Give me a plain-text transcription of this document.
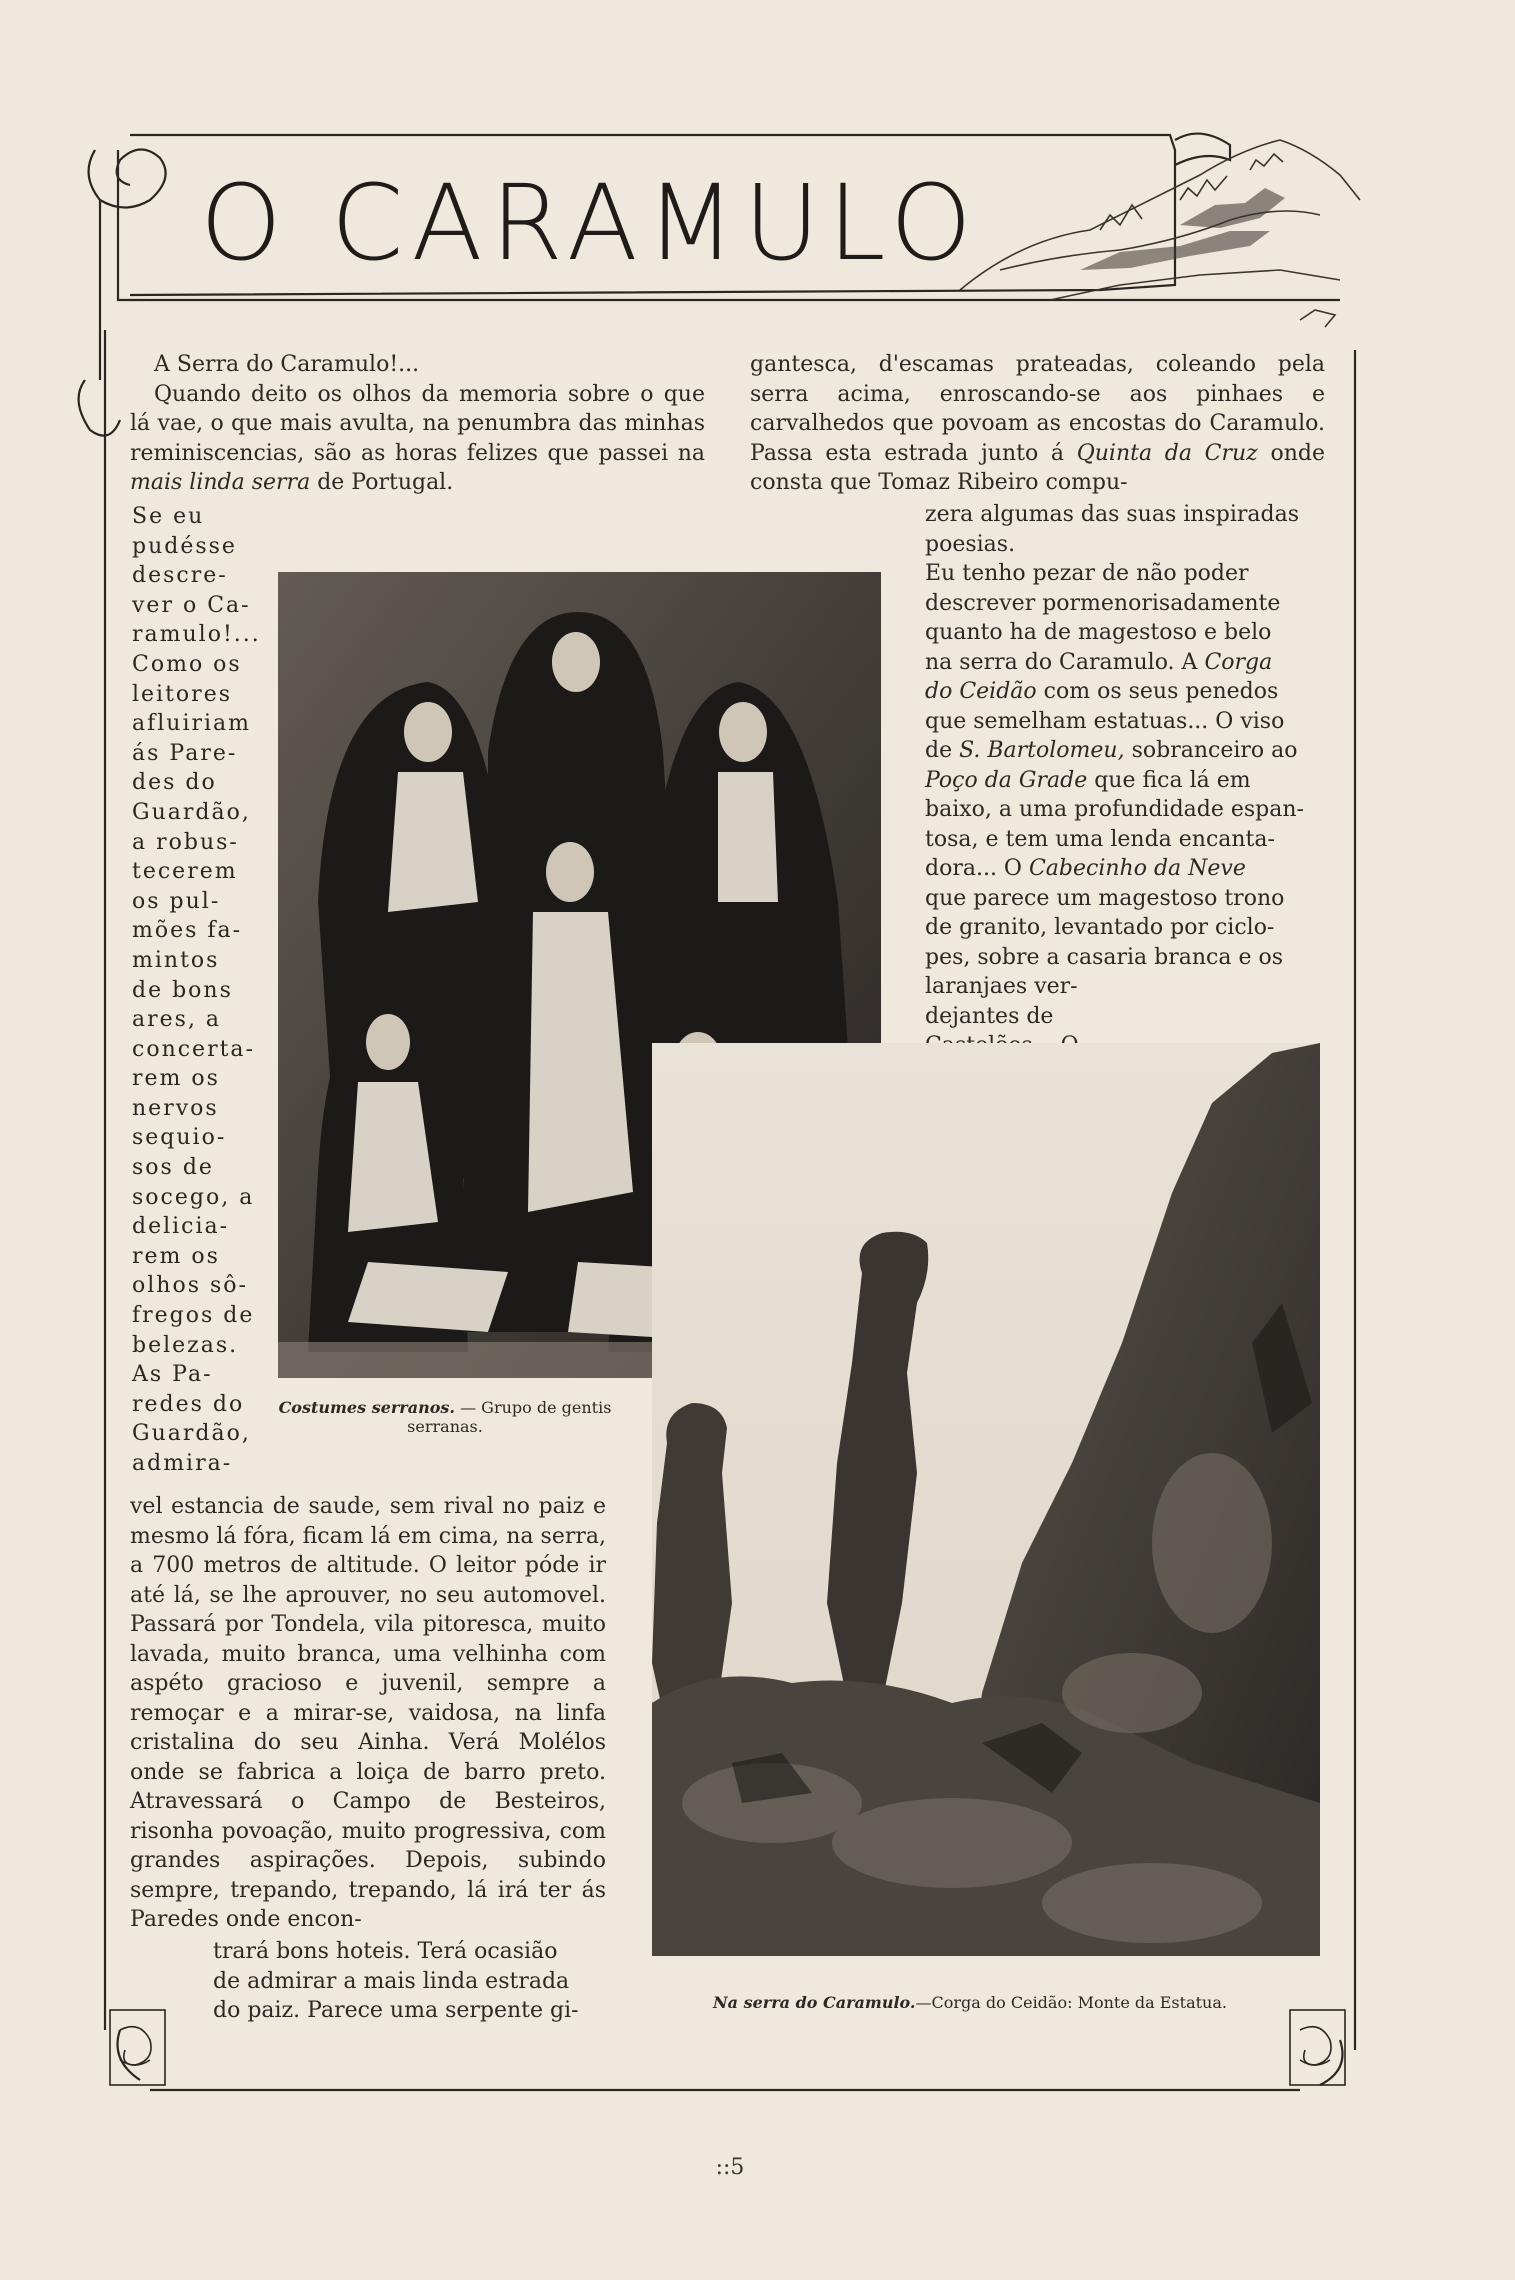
O CARAMULO

A Serra do Caramulo!...

Quando deito os olhos da memoria sobre o que lá vae, o que mais avulta, na penumbra das minhas reminiscencias, são as horas felizes que passei na mais linda serra de Portugal.

Se eu
pudésse
descre-
ver o Ca-
ramulo!...
Como os
leitores
afluiriam
ás Pare-
des do
Guardão,
a robus-
tecerem
os pul-
mões fa-
mintos
de bons
ares, a
concerta-
rem os
nervos
sequio-
sos de
socego, a
delicia-
rem os
olhos sô-
fregos de
belezas.
As Pa-
redes do
Guardão,
admira-
Costumes serranos. — Grupo de gentis serranas.
vel estancia de saude, sem rival no paiz e mesmo lá fóra, ficam lá em cima, na serra, a 700 metros de altitude. O leitor póde ir até lá, se lhe aprouver, no seu automovel. Passará por Tondela, vila pitoresca, muito lavada, muito branca, uma velhinha com aspéto gracioso e juvenil, sempre a remoçar e a mirar-se, vaidosa, na linfa cristalina do seu Ainha. Verá Molélos onde se fabrica a loiça de barro preto. Atravessará o Campo de Besteiros, risonha povoação, muito progressiva, com grandes aspirações. Depois, subindo sempre, trepando, trepando, lá irá ter ás Paredes onde encon-

trará bons hoteis. Terá ocasião

de admirar a mais linda estrada

do paiz. Parece uma serpente gi-

gantesca, d'escamas prateadas, coleando pela serra acima, enroscando-se aos pinhaes e carvalhedos que povoam as encostas do Caramulo. Passa esta estrada junto á Quinta da Cruz onde consta que Tomaz Ribeiro compu-

zera algumas das suas inspiradas

poesias.

Eu tenho pezar de não poder

descrever pormenorisadamente

quanto ha de magestoso e belo

na serra do Caramulo. A Corga

do Ceidão com os seus penedos

que semelham estatuas... O viso

de S. Bartolomeu, sobranceiro ao

Poço da Grade que fica lá em

baixo, a uma profundidade espan-

tosa, e tem uma lenda encanta-

dora... O Cabecinho da Neve

que parece um magestoso trono

de granito, levantado por ciclo-

pes, sobre a casaria branca e os

laranjaes ver-

dejantes de

Na serra do Caramulo.—Corga do Ceidão: Monte da Estatua.
::5
